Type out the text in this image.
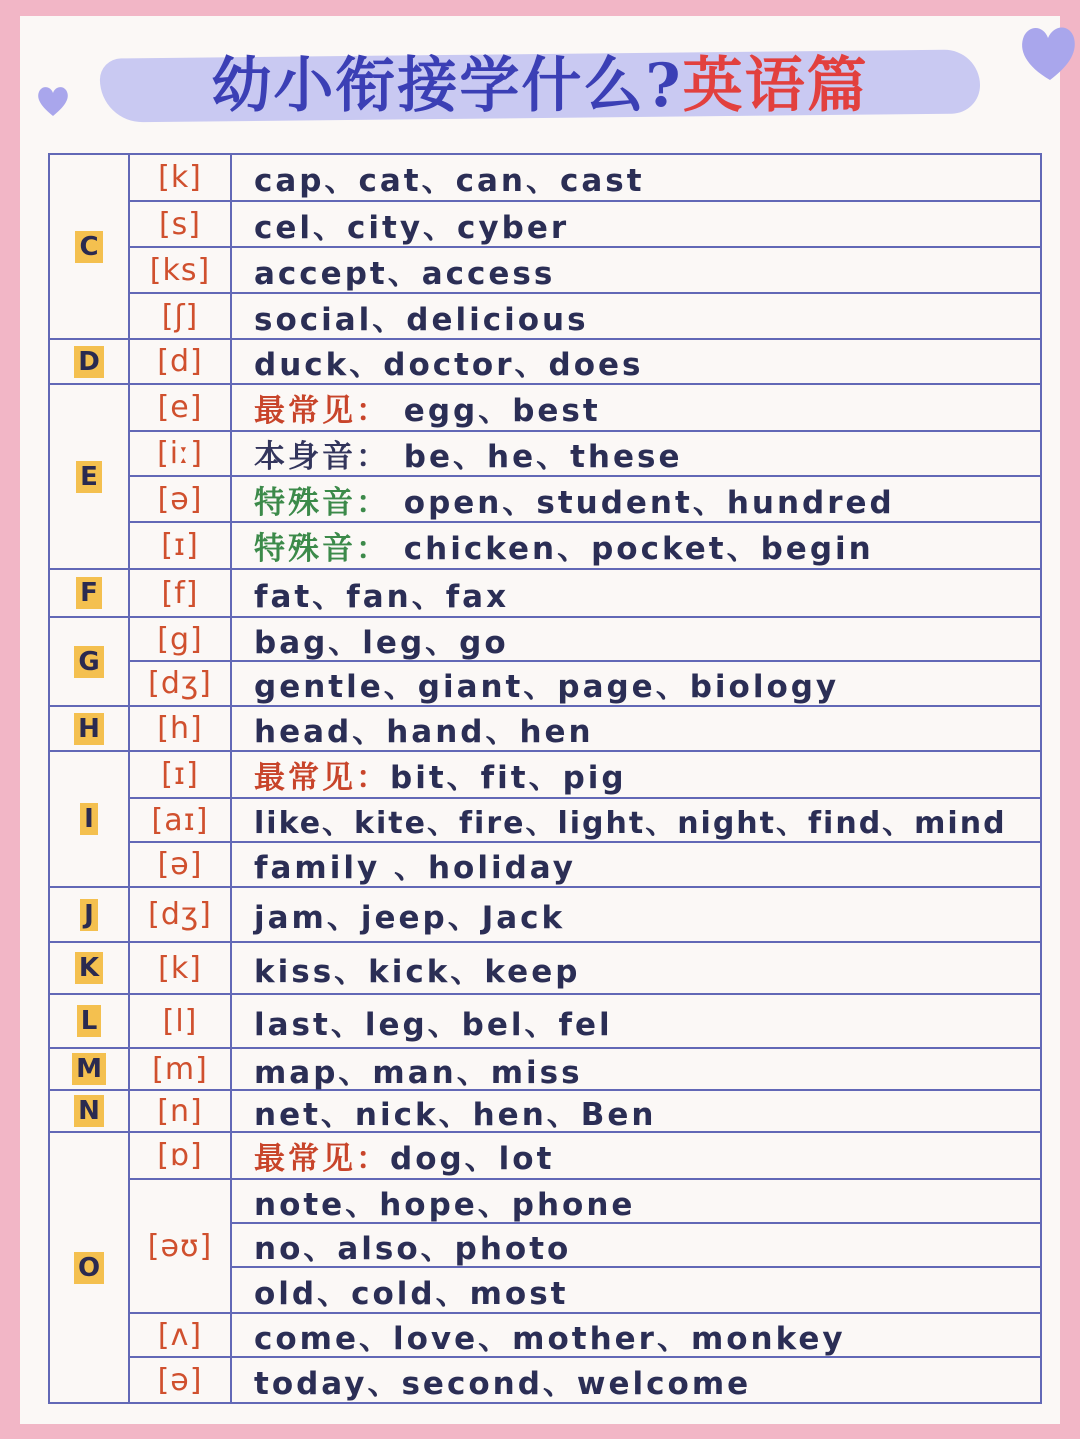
幼小衔接学什么?英语篇
C
[k]	cap、cat、can、cast
[s]	cel、city、cyber
[ks]	accept、access
[ʃ]	social、delicious
D	[d]	duck、doctor、does
E
[e]	最常见： egg、best
[iː]	本身音： be、he、these
[ə]	特殊音： open、student、hundred
[ɪ]	特殊音： chicken、pocket、begin
F	[f]	fat、fan、fax
G
[g]	bag、leg、go
[dʒ]	gentle、giant、page、biology
H	[h]	head、hand、hen
I
[ɪ]	最常见：bit、fit、pig
[aɪ]	like、kite、fire、light、night、find、mind
[ə]	family 、holiday
J	[dʒ]	jam、jeep、Jack
K	[k]	kiss、kick、keep
L	[l]	last、leg、bel、fel
M	[m]	map、man、miss
N	[n]	net、nick、hen、Ben
O
[ɒ]	最常见：dog、lot
[əʊ]
note、hope、phone
no、also、photo
old、cold、most
[ʌ]	come、love、mother、monkey
[ə]	today、second、welcome
